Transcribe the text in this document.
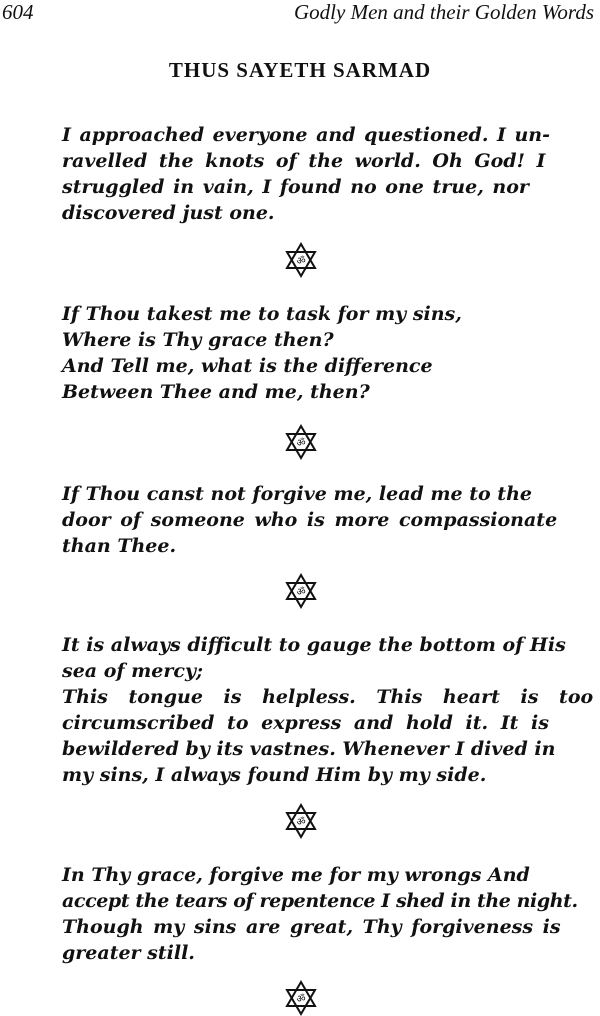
604	Godly Men and their Golden Words
THUS SAYETH SARMAD
I approached everyone and questioned. I un-
ravelled the knots of the world. Oh God! I
struggled in vain, I found no one true, nor
discovered just one.
ॐ
If Thou takest me to task for my sins,
Where is Thy grace then?
And Tell me, what is the difference
Between Thee and me, then?
ॐ
If Thou canst not forgive me, lead me to the
door of someone who is more compassionate
than Thee.
ॐ
It is always difficult to gauge the bottom of His
sea of mercy;
This tongue is helpless. This heart is too
circumscribed to express and hold it. It is
bewildered by its vastnes. Whenever I dived in
my sins, I always found Him by my side.
ॐ
In Thy grace, forgive me for my wrongs And
accept the tears of repentence I shed in the night.
Though my sins are great, Thy forgiveness is
greater still.
ॐ
